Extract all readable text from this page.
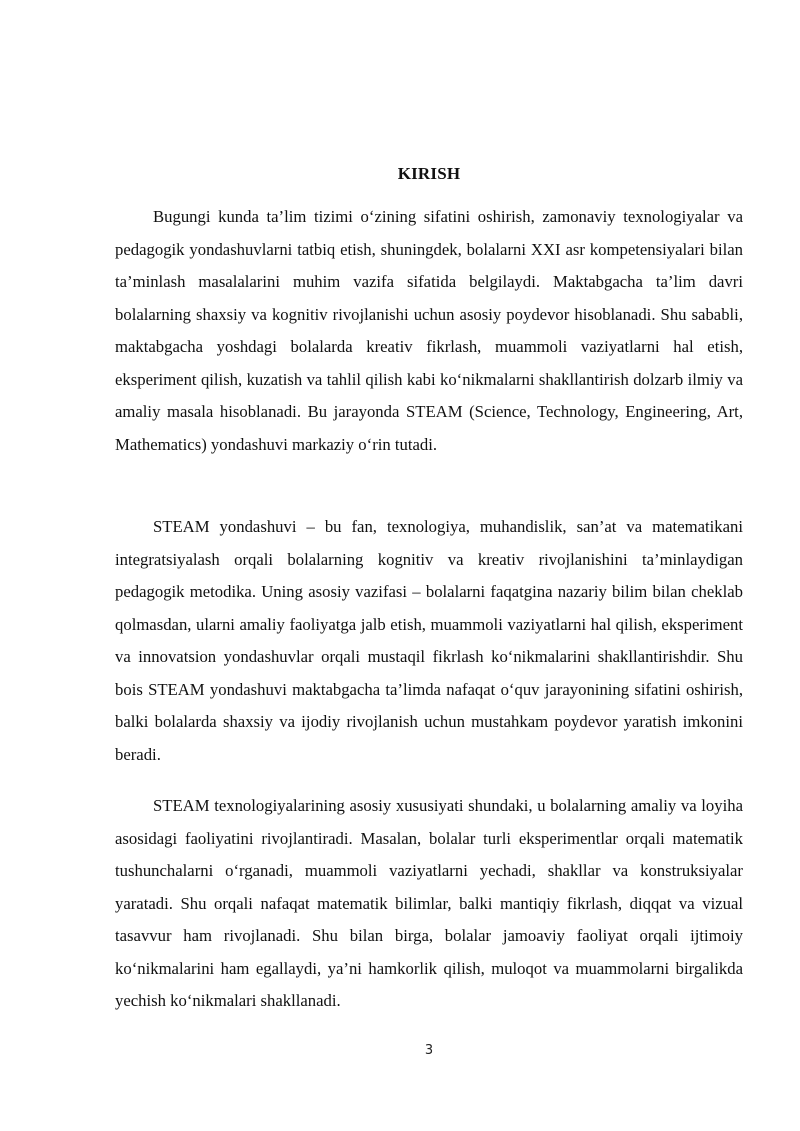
KIRISH

Bugungi kunda ta’lim tizimi o‘zining sifatini oshirish, zamonaviy texnologiyalar va pedagogik yondashuvlarni tatbiq etish, shuningdek, bolalarni XXI asr kompetensiyalari bilan ta’minlash masalalarini muhim vazifa sifatida belgilaydi. Maktabgacha ta’lim davri bolalarning shaxsiy va kognitiv rivojlanishi uchun asosiy poydevor hisoblanadi. Shu sababli, maktabgacha yoshdagi bolalarda kreativ fikrlash, muammoli vaziyatlarni hal etish, eksperiment qilish, kuzatish va tahlil qilish kabi ko‘nikmalarni shakllantirish dolzarb ilmiy va amaliy masala hisoblanadi. Bu jarayonda STEAM (Science, Technology, Engineering, Art, Mathematics) yondashuvi markaziy o‘rin tutadi.

STEAM yondashuvi – bu fan, texnologiya, muhandislik, san’at va matematikani integratsiyalash orqali bolalarning kognitiv va kreativ rivojlanishini ta’minlaydigan pedagogik metodika. Uning asosiy vazifasi – bolalarni faqatgina nazariy bilim bilan cheklab qolmasdan, ularni amaliy faoliyatga jalb etish, muammoli vaziyatlarni hal qilish, eksperiment va innovatsion yondashuvlar orqali mustaqil fikrlash ko‘nikmalarini shakllantirishdir. Shu bois STEAM yondashuvi maktabgacha ta’limda nafaqat o‘quv jarayonining sifatini oshirish, balki bolalarda shaxsiy va ijodiy rivojlanish uchun mustahkam poydevor yaratish imkonini beradi.

STEAM texnologiyalarining asosiy xususiyati shundaki, u bolalarning amaliy va loyiha asosidagi faoliyatini rivojlantiradi. Masalan, bolalar turli eksperimentlar orqali matematik tushunchalarni o‘rganadi, muammoli vaziyatlarni yechadi, shakllar va konstruksiyalar yaratadi. Shu orqali nafaqat matematik bilimlar, balki mantiqiy fikrlash, diqqat va vizual tasavvur ham rivojlanadi. Shu bilan birga, bolalar jamoaviy faoliyat orqali ijtimoiy ko‘nikmalarini ham egallaydi, ya’ni hamkorlik qilish, muloqot va muammolarni birgalikda yechish ko‘nikmalari shakllanadi.

3
